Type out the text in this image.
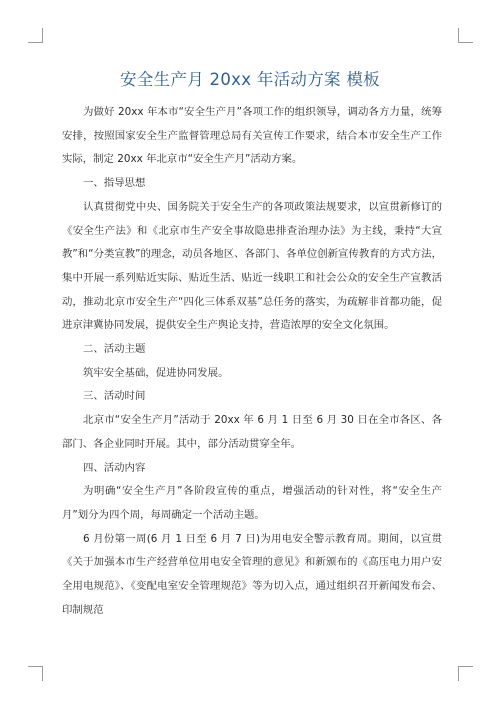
安全生产月 20xx 年活动方案 模板

为做好 20xx 年本市“安全生产月”各项工作的组织领导，调动各方力量，统筹安排，按照国家安全生产监督管理总局有关宣传工作要求，结合本市安全生产工作实际，制定 20xx 年北京市“安全生产月”活动方案。

一、指导思想

认真贯彻党中央、国务院关于安全生产的各项政策法规要求，以宣贯新修订的《安全生产法》和《北京市生产安全事故隐患排查治理办法》为主线，秉持“大宣教”和“分类宣教”的理念，动员各地区、各部门、各单位创新宣传教育的方式方法，集中开展一系列贴近实际、贴近生活、贴近一线职工和社会公众的安全生产宣教活动，推动北京市安全生产“四化三体系双基”总任务的落实，为疏解非首都功能，促进京津冀协同发展，提供安全生产舆论支持，营造浓厚的安全文化氛围。

二、活动主题

筑牢安全基础，促进协同发展。

三、活动时间

北京市“安全生产月”活动于 20xx 年 6 月 1 日至 6 月 30 日在全市各区、各部门、各企业同时开展。其中，部分活动贯穿全年。

四、活动内容

为明确“安全生产月”各阶段宣传的重点，增强活动的针对性，将“安全生产月”划分为四个周，每周确定一个活动主题。

6 月份第一周(6 月 1 日至 6 月 7 日)为用电安全警示教育周。期间，以宣贯《关于加强本市生产经营单位用电安全管理的意见》和新颁布的《高压电力用户安全用电规范》、《变配电室安全管理规范》等为切入点，通过组织召开新闻发布会、印制规范
